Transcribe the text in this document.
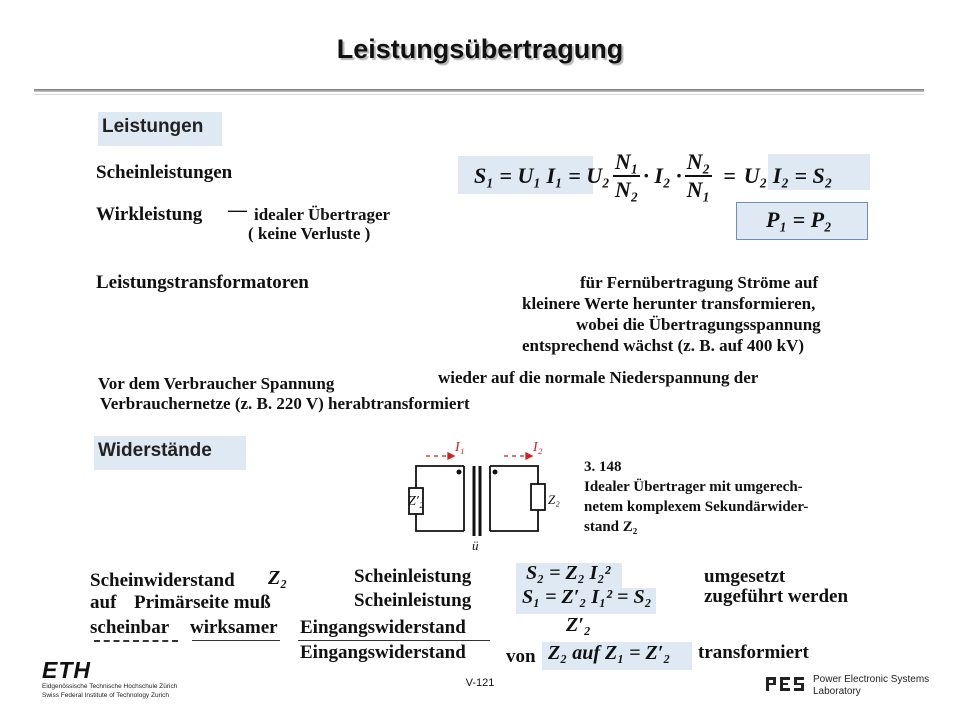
Leistungsübertragung
Leistungen
Scheinleistungen
Wirkleistung — idealer Übertrager
( keine Verluste )
S₁ = U₁ $I_1 = U_2 \frac{\text{N₁}}{\text{N₂}} \cdot I_2 \cdot \frac{\text{N₂}}{\text{N₁}} = U_2$ I₂ = S₂
P₁ = P₂
Leistungstransformatoren	für Fernübertragung Ströme auf
kleinere Werte herunter transformieren,
wobei die Übertragungsspannung
entsprechend wächst (z. B. auf 400 kV)
Vor dem Verbraucher Spannung	wieder auf die normale Niederspannung der
Verbrauchernetze (z. B. 220 V) herabtransformiert
Widerstände	I₁	I₂
Z′₂	Z₂
ü
3. 148
Idealer Übertrager mit umgerech-
netem komplexem Sekundärwider-
stand Z₂
Scheinwiderstand Z₂
auf Primärseite muß
scheinbar wirksamer
Scheinleistung
Scheinleistung
Eingangswiderstand
Eingangswiderstand
S₂ = Z₂ I₂²
S₁ = Z′₂ I₁² = S₂
Z′₂
umgesetzt
zugeführt werden
von Z₂ auf Z₁ = Z′₂ transformiert
ETH
Eidgenössische Technische Hochschule Zürich
Swiss Federal Institute of Technology Zurich
V-121	Power Electronic Systems
Laboratory
